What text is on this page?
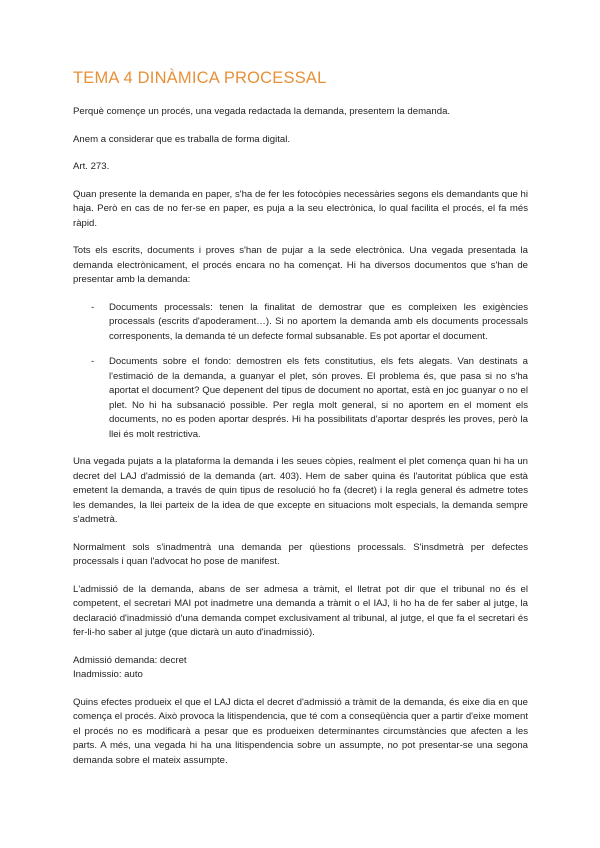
TEMA 4 DINÀMICA PROCESSAL

Perquè començe un procés, una vegada redactada la demanda, presentem la demanda.

Anem a considerar que es traballa de forma digital.

Art. 273.

Quan presente la demanda en paper, s'ha de fer les fotocòpies necessàries segons els demandants que hi haja. Però en cas de no fer-se en paper, es puja a la seu electrònica, lo qual facilita el procés, el fa més ràpid.

Tots els escrits, documents i proves s'han de pujar a la sede electrònica. Una vegada presentada la demanda electrònicament, el procés encara no ha començat. Hi ha diversos documentos que s'han de presentar amb la demanda:

- Documents processals: tenen la finalitat de demostrar que es compleixen les exigències processals (escrits d'apoderament…). Si no aportem la demanda amb els documents processals corresponents, la demanda té un defecte formal subsanable. Es pot aportar el document.
- Documents sobre el fondo: demostren els fets constitutius, els fets alegats. Van destinats a l'estimació de la demanda, a guanyar el plet, són proves. El problema és, que pasa si no s'ha aportat el document? Que depenent del tipus de document no aportat, està en joc guanyar o no el plet. No hi ha subsanació possible. Per regla molt general, si no aportem en el moment els documents, no es poden aportar després. Hi ha possibilitats d'aportar després les proves, però la llei és molt restrictiva.

Una vegada pujats a la plataforma la demanda i les seues còpies, realment el plet comença quan hi ha un decret del LAJ d'admissió de la demanda (art. 403). Hem de saber quina és l'autoritat pública que està emetent la demanda, a través de quin tipus de resolució ho fa (decret) i la regla general és admetre totes les demandes, la llei parteix de la idea de que excepte en situacions molt especials, la demanda sempre s'admetrà.

Normalment sols s'inadmentrà una demanda per qüestions processals. S'insdmetrà per defectes processals i quan l'advocat ho pose de manifest.

L'admissió de la demanda, abans de ser admesa a tràmit, el lletrat pot dir que el tribunal no és el competent, el secretari MAI pot inadmetre una demanda a tràmit o el IAJ, li ho ha de fer saber al jutge, la declaració d'inadmissió d'una demanda compet exclusivament al tribunal, al jutge, el que fa el secretari és fer-li-ho saber al jutge (que dictarà un auto d'inadmissió).

Admissió demanda: decret
Inadmissio: auto

Quins efectes produeix el que el LAJ dicta el decret d'admissió a tràmit de la demanda, és eixe dia en que comença el procés. Això provoca la litispendencia, que té com a conseqüència quer a partir d'eixe moment el procés no es modificarà a pesar que es produeixen determinantes circumstàncies que afecten a les parts. A més, una vegada hi ha una litispendencia sobre un assumpte, no pot presentar-se una segona demanda sobre el mateix assumpte.
